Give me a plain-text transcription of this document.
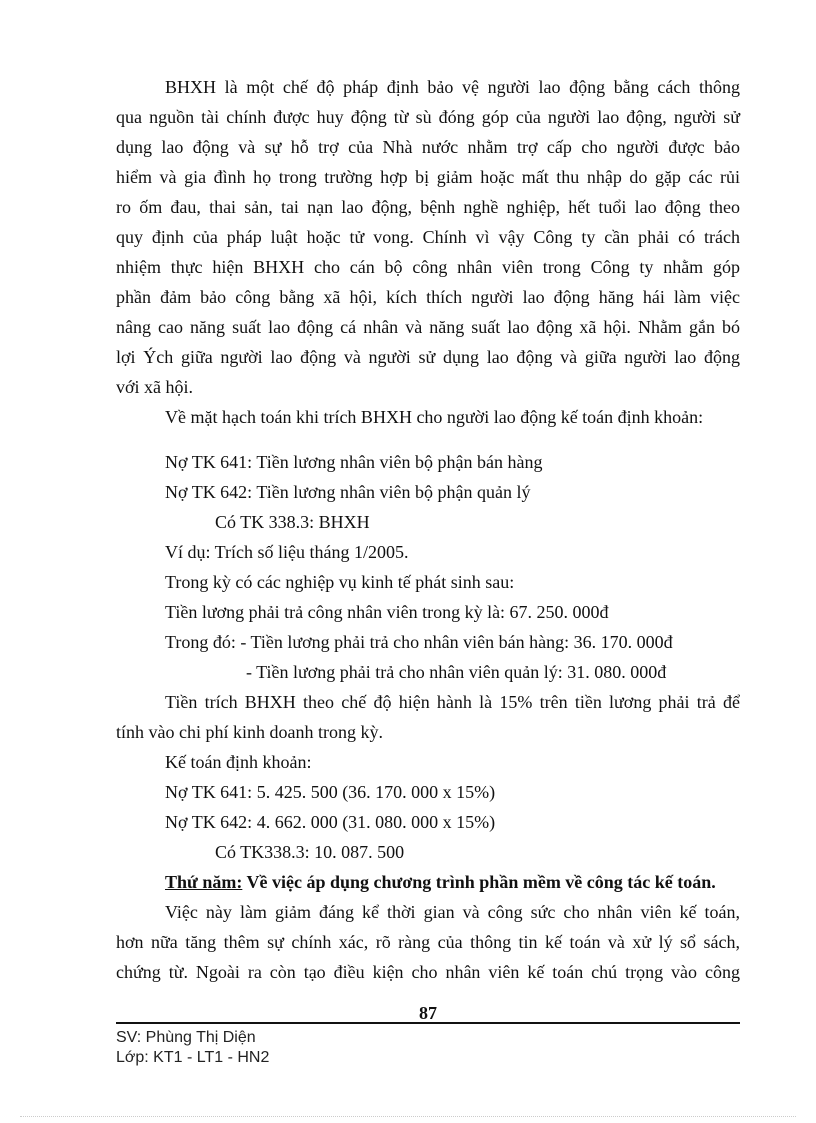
BHXH là một chế độ pháp định bảo vệ người lao động bằng cách thông
qua nguồn tài chính được huy động từ sù đóng góp của người lao động, người sử
dụng lao động và sự hỗ trợ của Nhà nước nhằm trợ cấp cho người được bảo
hiểm và gia đình họ trong trường hợp bị giảm hoặc mất thu nhập do gặp các rủi
ro ốm đau, thai sản, tai nạn lao động, bệnh nghề nghiệp, hết tuổi lao động theo
quy định của pháp luật hoặc tử vong. Chính vì vậy Công ty cần phải có trách
nhiệm thực hiện BHXH cho cán bộ công nhân viên trong Công ty nhằm góp
phần đảm bảo công bằng xã hội, kích thích người lao động hăng hái làm việc
nâng cao năng suất lao động cá nhân và năng suất lao động xã hội. Nhằm gắn bó
lợi Ých giữa người lao động và người sử dụng lao động và giữa người lao động
với xã hội.
Về mặt hạch toán khi trích BHXH cho người lao động kế toán định khoản:
Nợ TK 641: Tiền lương nhân viên bộ phận bán hàng
Nợ TK 642: Tiền lương nhân viên bộ phận quản lý
Có TK 338.3: BHXH
Ví dụ: Trích số liệu tháng 1/2005.
Trong kỳ có các nghiệp vụ kinh tế phát sinh sau:
Tiền lương phải trả công nhân viên trong kỳ là: 67. 250. 000đ
Trong đó: - Tiền lương phải trả cho nhân viên bán hàng: 36. 170. 000đ
- Tiền lương phải trả cho nhân viên quản lý: 31. 080. 000đ
Tiền trích BHXH theo chế độ hiện hành là 15% trên tiền lương phải trả để
tính vào chi phí kinh doanh trong kỳ.
Kế toán định khoản:
Nợ TK 641: 5. 425. 500 (36. 170. 000 x 15%)
Nợ TK 642: 4. 662. 000 (31. 080. 000 x 15%)
Có TK338.3: 10. 087. 500
Thứ năm: Về việc áp dụng chương trình phần mềm về công tác kế toán.
Việc này làm giảm đáng kể thời gian và công sức cho nhân viên kế toán,
hơn nữa tăng thêm sự chính xác, rõ ràng của thông tin kế toán và xử lý sổ sách,
chứng từ. Ngoài ra còn tạo điều kiện cho nhân viên kế toán chú trọng vào công
87
SV: Phùng Thị Diện
Lớp: KT1 - LT1 - HN2
